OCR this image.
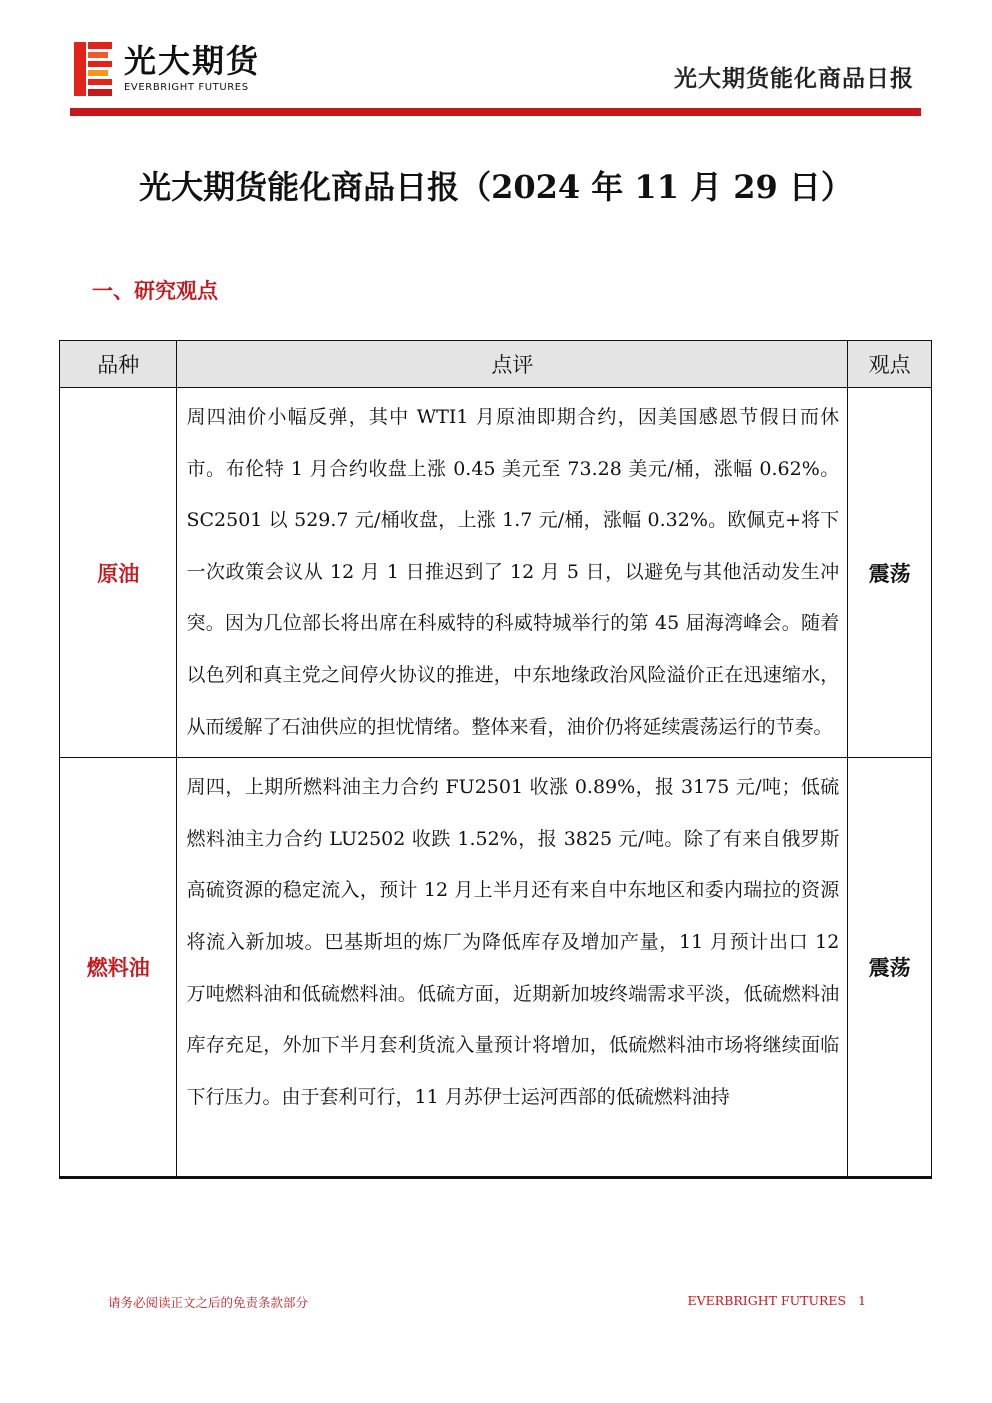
光大期货
EVERBRIGHT FUTURES	光大期货能化商品日报
光大期货能化商品日报（2024 年 11 月 29 日）
一、研究观点
品种	点评	观点
原油	周四油价小幅反弹，其中 WTI1 月原油即期合约，因美国感恩节假日而休市。布伦特 1 月合约收盘上涨 0.45 美元至 73.28 美元/桶，涨幅 0.62%。SC2501 以 529.7 元/桶收盘，上涨 1.7 元/桶，涨幅 0.32%。欧佩克+将下一次政策会议从 12 月 1 日推迟到了 12 月 5 日，以避免与其他活动发生冲突。因为几位部长将出席在科威特的科威特城举行的第 45 届海湾峰会。随着以色列和真主党之间停火协议的推进，中东地缘政治风险溢价正在迅速缩水，从而缓解了石油供应的担忧情绪。整体来看，油价仍将延续震荡运行的节奏。	震荡
燃料油	周四，上期所燃料油主力合约 FU2501 收涨 0.89%，报 3175 元/吨；低硫燃料油主力合约 LU2502 收跌 1.52%，报 3825 元/吨。除了有来自俄罗斯高硫资源的稳定流入，预计 12 月上半月还有来自中东地区和委内瑞拉的资源将流入新加坡。巴基斯坦的炼厂为降低库存及增加产量，11 月预计出口 12 万吨燃料油和低硫燃料油。低硫方面，近期新加坡终端需求平淡，低硫燃料油库存充足，外加下半月套利货流入量预计将增加，低硫燃料油市场将继续面临下行压力。由于套利可行，11 月苏伊士运河西部的低硫燃料油持	震荡
请务必阅读正文之后的免责条款部分	EVERBRIGHT FUTURES 1
